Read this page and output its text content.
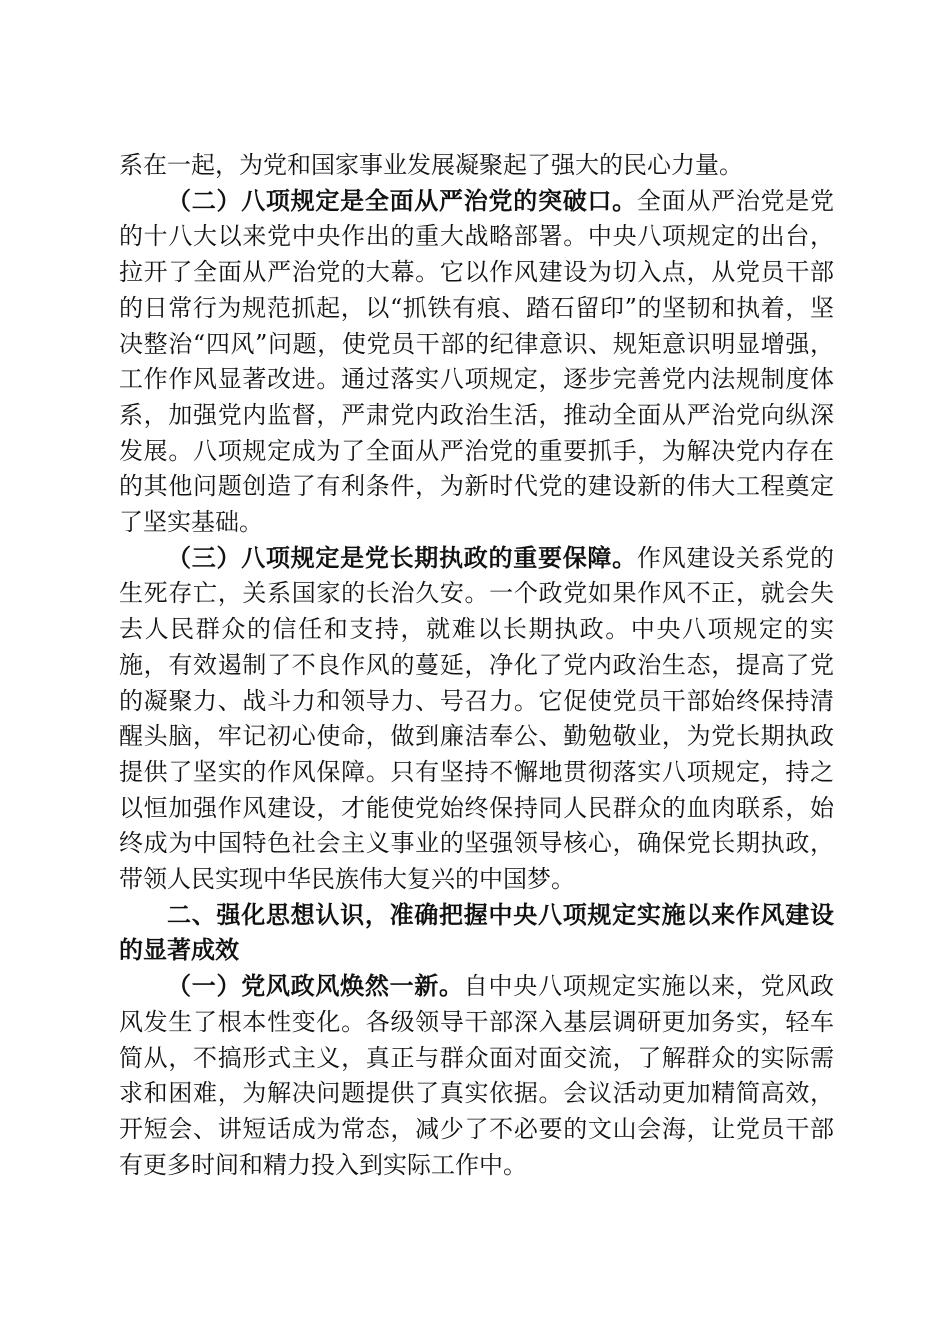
系在一起，为党和国家事业发展凝聚起了强大的民心力量。

（二）八项规定是全面从严治党的突破口。全面从严治党是党的十八大以来党中央作出的重大战略部署。中央八项规定的出台，拉开了全面从严治党的大幕。它以作风建设为切入点，从党员干部的日常行为规范抓起，以“抓铁有痕、踏石留印”的坚韧和执着，坚决整治“四风”问题，使党员干部的纪律意识、规矩意识明显增强，工作作风显著改进。通过落实八项规定，逐步完善党内法规制度体系，加强党内监督，严肃党内政治生活，推动全面从严治党向纵深发展。八项规定成为了全面从严治党的重要抓手，为解决党内存在的其他问题创造了有利条件，为新时代党的建设新的伟大工程奠定了坚实基础。

（三）八项规定是党长期执政的重要保障。作风建设关系党的生死存亡，关系国家的长治久安。一个政党如果作风不正，就会失去人民群众的信任和支持，就难以长期执政。中央八项规定的实施，有效遏制了不良作风的蔓延，净化了党内政治生态，提高了党的凝聚力、战斗力和领导力、号召力。它促使党员干部始终保持清醒头脑，牢记初心使命，做到廉洁奉公、勤勉敬业，为党长期执政提供了坚实的作风保障。只有坚持不懈地贯彻落实八项规定，持之以恒加强作风建设，才能使党始终保持同人民群众的血肉联系，始终成为中国特色社会主义事业的坚强领导核心，确保党长期执政，带领人民实现中华民族伟大复兴的中国梦。

二、强化思想认识，准确把握中央八项规定实施以来作风建设的显著成效

（一）党风政风焕然一新。自中央八项规定实施以来，党风政风发生了根本性变化。各级领导干部深入基层调研更加务实，轻车简从，不搞形式主义，真正与群众面对面交流，了解群众的实际需求和困难，为解决问题提供了真实依据。会议活动更加精简高效，开短会、讲短话成为常态，减少了不必要的文山会海，让党员干部有更多时间和精力投入到实际工作中。
